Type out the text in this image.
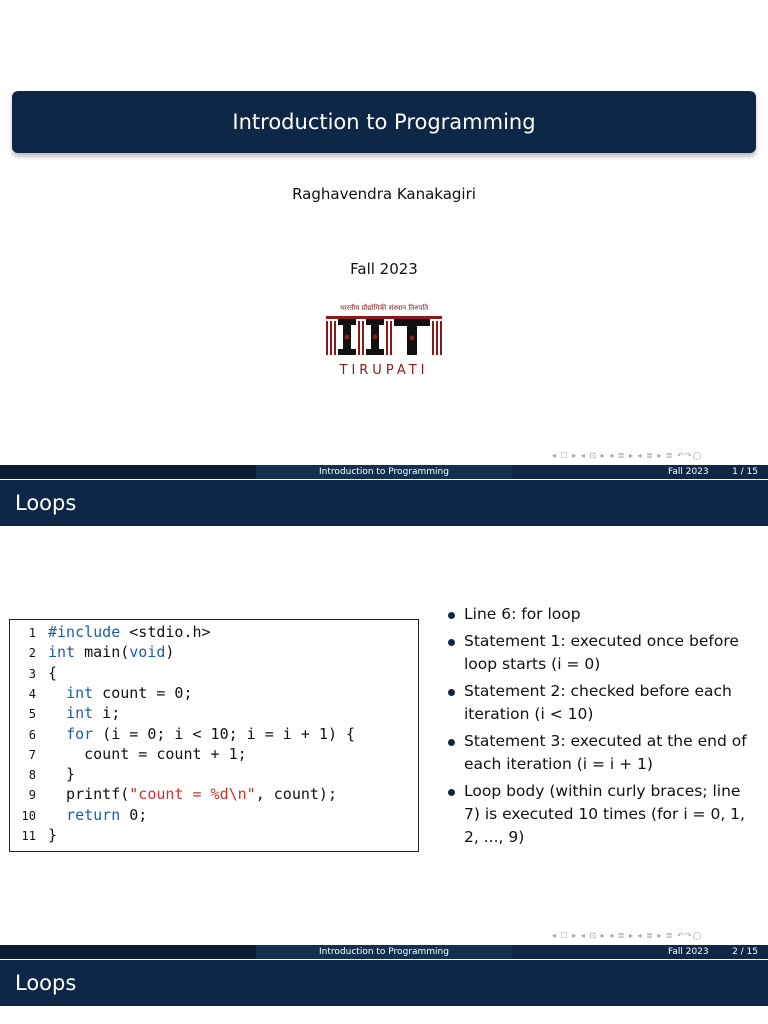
Introduction to Programming
Raghavendra Kanakagiri
Fall 2023
भारतीय प्रौद्योगिकी संस्थान तिरुपति
TIRUPATI
◂ ☐ ▸ ◂ ⊡ ▸ ◂ ≣ ▸ ◂ ≣ ▸ ≣ ↶↷◯
Introduction to Programming	Fall 2023	1 / 15
Loops
1 #include <stdio.h>
2 int main(void)
3 {
4 int count = 0;
5 int i;
6 for (i = 0; i < 10; i = i + 1) {
7    count = count + 1;
8  }
9  printf("count = %d\n", count);
10 return 0;
11 }
Line 6: for loop
Statement 1: executed once before loop starts (i = 0)
Statement 2: checked before each iteration (i < 10)
Statement 3: executed at the end of each iteration (i = i + 1)
Loop body (within curly braces; line 7) is executed 10 times (for i = 0, 1, 2, ..., 9)
◂ ☐ ▸ ◂ ⊡ ▸ ◂ ≣ ▸ ◂ ≣ ▸ ≣ ↶↷◯
Introduction to Programming	Fall 2023	2 / 15
Loops
